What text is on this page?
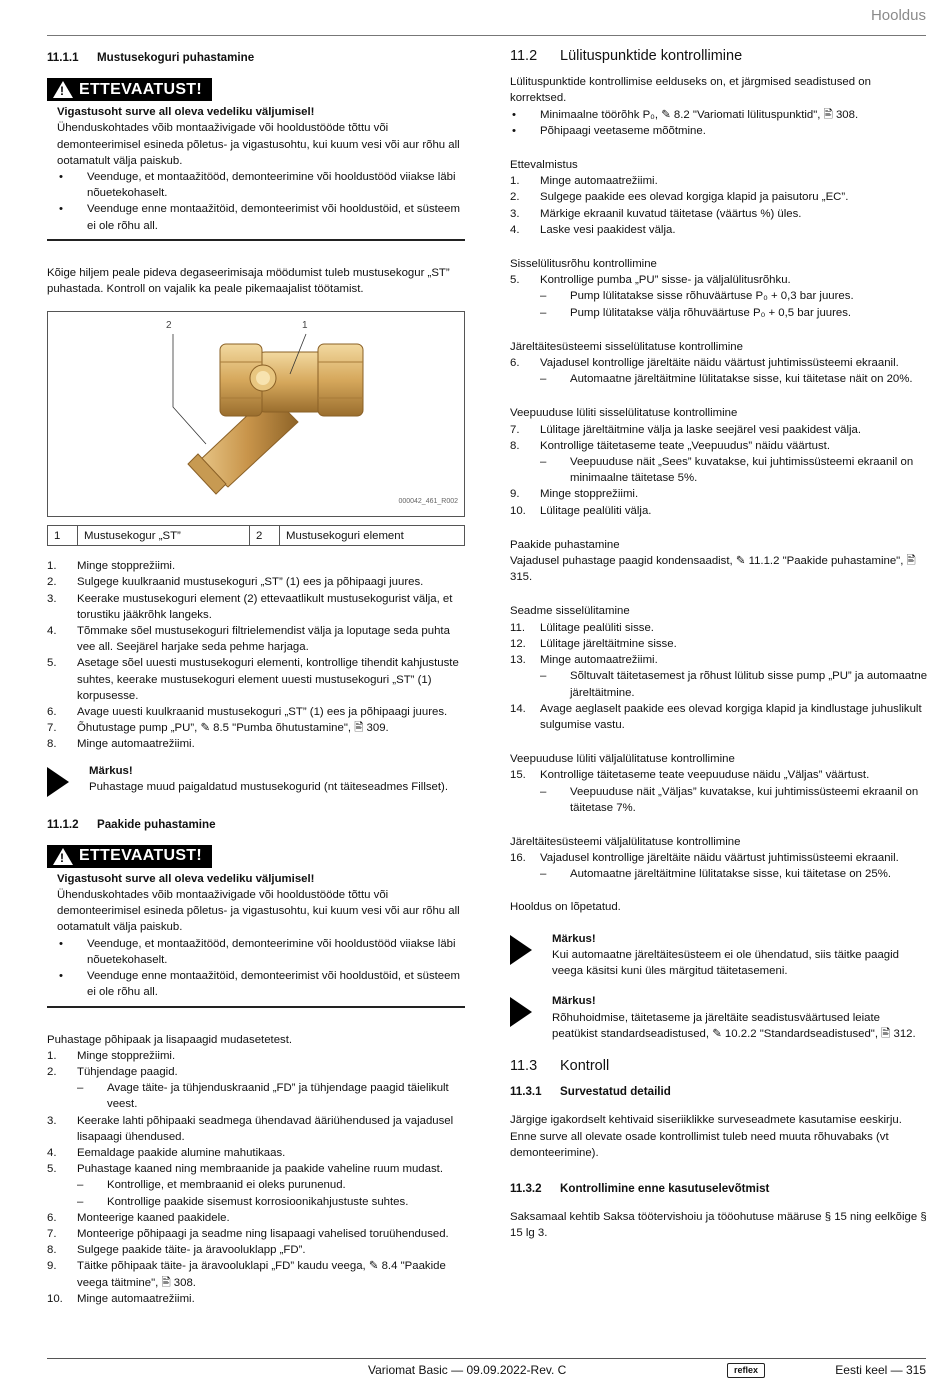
Hooldus
11.1.1	Mustusekoguri puhastamine
! ETTEVAATUST!

Vigastusoht surve all oleva vedeliku väljumisel!

Ühenduskohtades võib montaaživigade või hooldustööde tõttu või demonteerimisel esineda põletus- ja vigastusohtu, kui kuum vesi või aur rõhu all ootamatult välja paiskub.

•	Veenduge, et montaažitööd, demonteerimine või hooldustööd viiakse läbi nõuetekohaselt.
•	Veenduge enne montaažitöid, demonteerimist või hooldustöid, et süsteem ei ole rõhu all.

Kõige hiljem peale pideva degaseerimisaja möödumist tuleb mustusekogur „ST” puhastada. Kontroll on vajalik ka peale pikemaajalist töötamist.

2	1
000042_461_R002
1	Mustusekogur „ST”	2	Mustusekoguri element
1.	Minge stopprežiimi.
2.	Sulgege kuulkraanid mustusekoguri „ST” (1) ees ja põhipaagi juures.
3.	Keerake mustusekoguri element (2) ettevaatlikult mustusekogurist välja, et torustiku jääkrõhk langeks.
4.	Tõmmake sõel mustusekoguri filtrielemendist välja ja loputage seda puhta vee all. Seejärel harjake seda pehme harjaga.
5.	Asetage sõel uuesti mustusekoguri elementi, kontrollige tihendit kahjustuste suhtes, keerake mustusekoguri element uuesti mustusekoguri „ST” (1) korpusesse.
6.	Avage uuesti kuulkraanid mustusekoguri „ST” (1) ees ja põhipaagi juures.
7.	Õhutustage pump „PU”, ✎ 8.5 "Pumba õhutustamine", 🖹 309.
8.	Minge automaatrežiimi.

Märkus!

Puhastage muud paigaldatud mustusekogurid (nt täiteseadmes Fillset).

11.1.2	Paakide puhastamine
! ETTEVAATUST!

Vigastusoht surve all oleva vedeliku väljumisel!

Ühenduskohtades võib montaaživigade või hooldustööde tõttu või demonteerimisel esineda põletus- ja vigastusohtu, kui kuum vesi või aur rõhu all ootamatult välja paiskub.

•	Veenduge, et montaažitööd, demonteerimine või hooldustööd viiakse läbi nõuetekohaselt.
•	Veenduge enne montaažitöid, demonteerimist või hooldustöid, et süsteem ei ole rõhu all.

Puhastage põhipaak ja lisapaagid mudasetetest.

1.	Minge stopprežiimi.
2.	Tühjendage paagid.
–	Avage täite- ja tühjenduskraanid „FD” ja tühjendage paagid täielikult veest.
3.	Keerake lahti põhipaaki seadmega ühendavad ääriühendused ja vajadusel lisapaagi ühendused.
4.	Eemaldage paakide alumine mahutikaas.
5.	Puhastage kaaned ning membraanide ja paakide vaheline ruum mudast.
–	Kontrollige, et membraanid ei oleks purunenud.
–	Kontrollige paakide sisemust korrosioonikahjustuste suhtes.
6.	Monteerige kaaned paakidele.
7.	Monteerige põhipaagi ja seadme ning lisapaagi vahelised toruühendused.
8.	Sulgege paakide täite- ja äravooluklapp „FD”.
9.	Täitke põhipaak täite- ja äravooluklapi „FD” kaudu veega, ✎ 8.4 "Paakide veega täitmine", 🖹 308.
10.	Minge automaatrežiimi.
11.2	Lülituspunktide kontrollimine

Lülituspunktide kontrollimise eelduseks on, et järgmised seadistused on korrektsed.

•	Minimaalne töörõhk P₀, ✎ 8.2 "Variomati lülituspunktid", 🖹 308.
•	Põhipaagi veetaseme mõõtmine.

Ettevalmistus

1.	Minge automaatrežiimi.
2.	Sulgege paakide ees olevad korgiga klapid ja paisutoru „EC”.
3.	Märkige ekraanil kuvatud täitetase (väärtus %) üles.
4.	Laske vesi paakidest välja.

Sisselülitusrõhu kontrollimine

5.	Kontrollige pumba „PU” sisse- ja väljalülitusrõhku.
–	Pump lülitatakse sisse rõhuväärtuse P₀ + 0,3 bar juures.
–	Pump lülitatakse välja rõhuväärtuse P₀ + 0,5 bar juures.

Järeltäitesüsteemi sisselülitatuse kontrollimine

6.	Vajadusel kontrollige järeltäite näidu väärtust juhtimissüsteemi ekraanil.
–	Automaatne järeltäitmine lülitatakse sisse, kui täitetase näit on 20%.

Veepuuduse lüliti sisselülitatuse kontrollimine

7.	Lülitage järeltäitmine välja ja laske seejärel vesi paakidest välja.
8.	Kontrollige täitetaseme teate „Veepuudus” näidu väärtust.
–	Veepuuduse näit „Sees” kuvatakse, kui juhtimissüsteemi ekraanil on minimaalne täitetase 5%.
9.	Minge stopprežiimi.
10.	Lülitage pealüliti välja.

Paakide puhastamine

Vajadusel puhastage paagid kondensaadist, ✎ 11.1.2 "Paakide puhastamine", 🖹 315.

Seadme sisselülitamine

11.	Lülitage pealüliti sisse.
12.	Lülitage järeltäitmine sisse.
13.	Minge automaatrežiimi.
–	Sõltuvalt täitetasemest ja rõhust lülitub sisse pump „PU” ja automaatne järeltäitmine.
14.	Avage aeglaselt paakide ees olevad korgiga klapid ja kindlustage juhuslikult sulgumise vastu.

Veepuuduse lüliti väljalülitatuse kontrollimine

15.	Kontrollige täitetaseme teate veepuuduse näidu „Väljas” väärtust.
–	Veepuuduse näit „Väljas” kuvatakse, kui juhtimissüsteemi ekraanil on täitetase 7%.

Järeltäitesüsteemi väljalülitatuse kontrollimine

16.	Vajadusel kontrollige järeltäite näidu väärtust juhtimissüsteemi ekraanil.
–	Automaatne järeltäitmine lülitatakse sisse, kui täitetase on 25%.

Hooldus on lõpetatud.

Märkus!

Kui automaatne järeltäitesüsteem ei ole ühendatud, siis täitke paagid veega käsitsi kuni üles märgitud täitetasemeni.

Märkus!

Rõhuhoidmise, täitetaseme ja järeltäite seadistusväärtused leiate peatükist standardseadistused, ✎ 10.2.2 "Standardseadistused", 🖹 312.

11.3	Kontroll
11.3.1	Survestatud detailid

Järgige igakordselt kehtivaid siseriiklikke surveseadmete kasutamise eeskirju. Enne surve all olevate osade kontrollimist tuleb need muuta rõhuvabaks (vt demonteerimine).

11.3.2	Kontrollimine enne kasutuselevõtmist

Saksamaal kehtib Saksa töötervishoiu ja tööohutuse määruse § 15 ning eelkõige § 15 lg 3.

Variomat Basic — 09.09.2022-Rev. C	reflex	Eesti keel — 315
